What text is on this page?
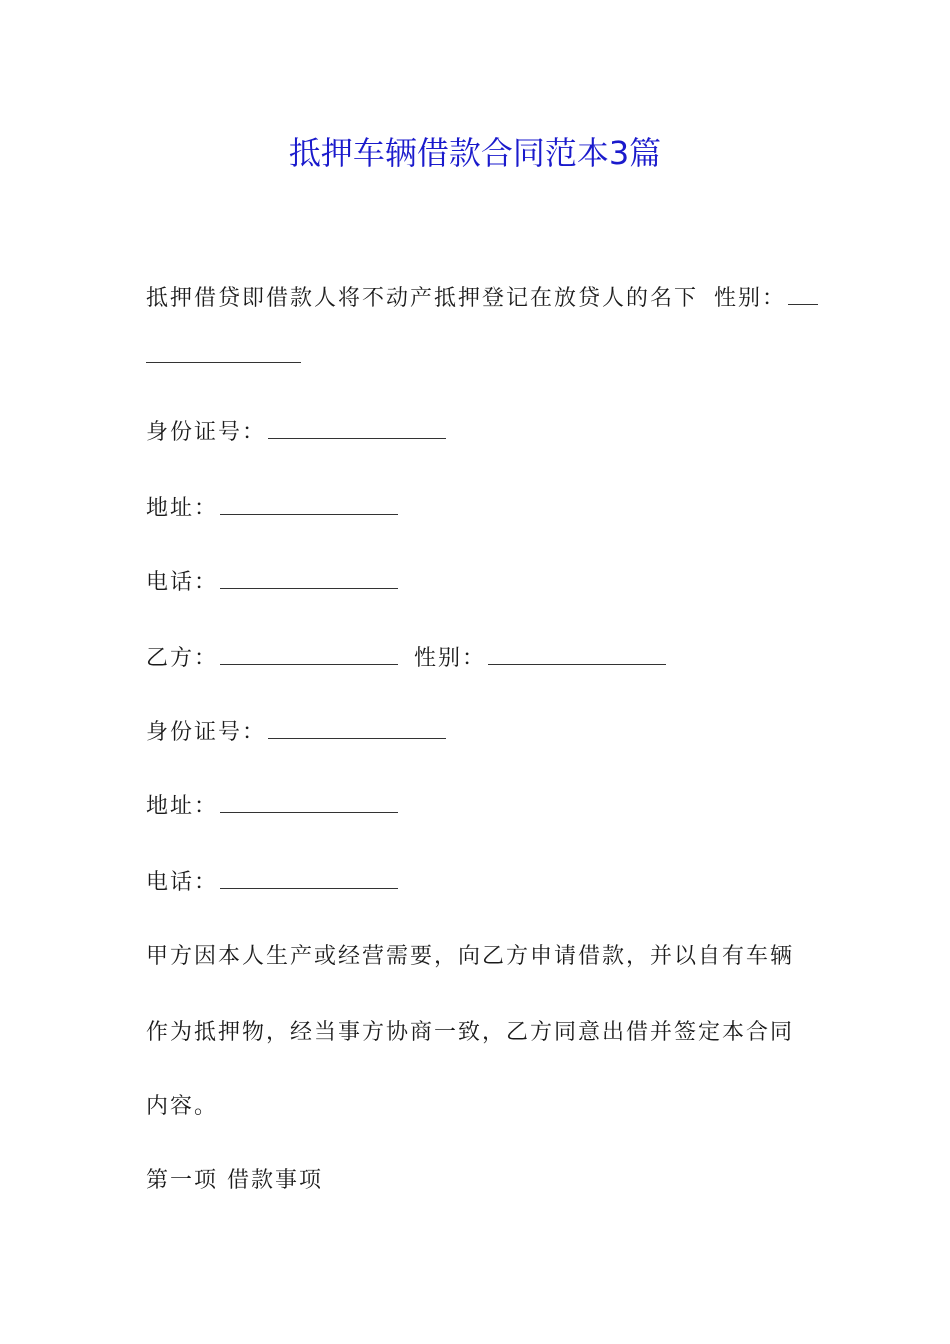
抵押车辆借款合同范本3篇
抵押借贷即借款人将不动产抵押登记在放贷人的名下 性别：
身份证号：
地址：
电话：
乙方：	性别：
身份证号：
地址：
电话：
甲方因本人生产或经营需要，向乙方申请借款，并以自有车辆
作为抵押物，经当事方协商一致，乙方同意出借并签定本合同
内容。
第一项 借款事项
